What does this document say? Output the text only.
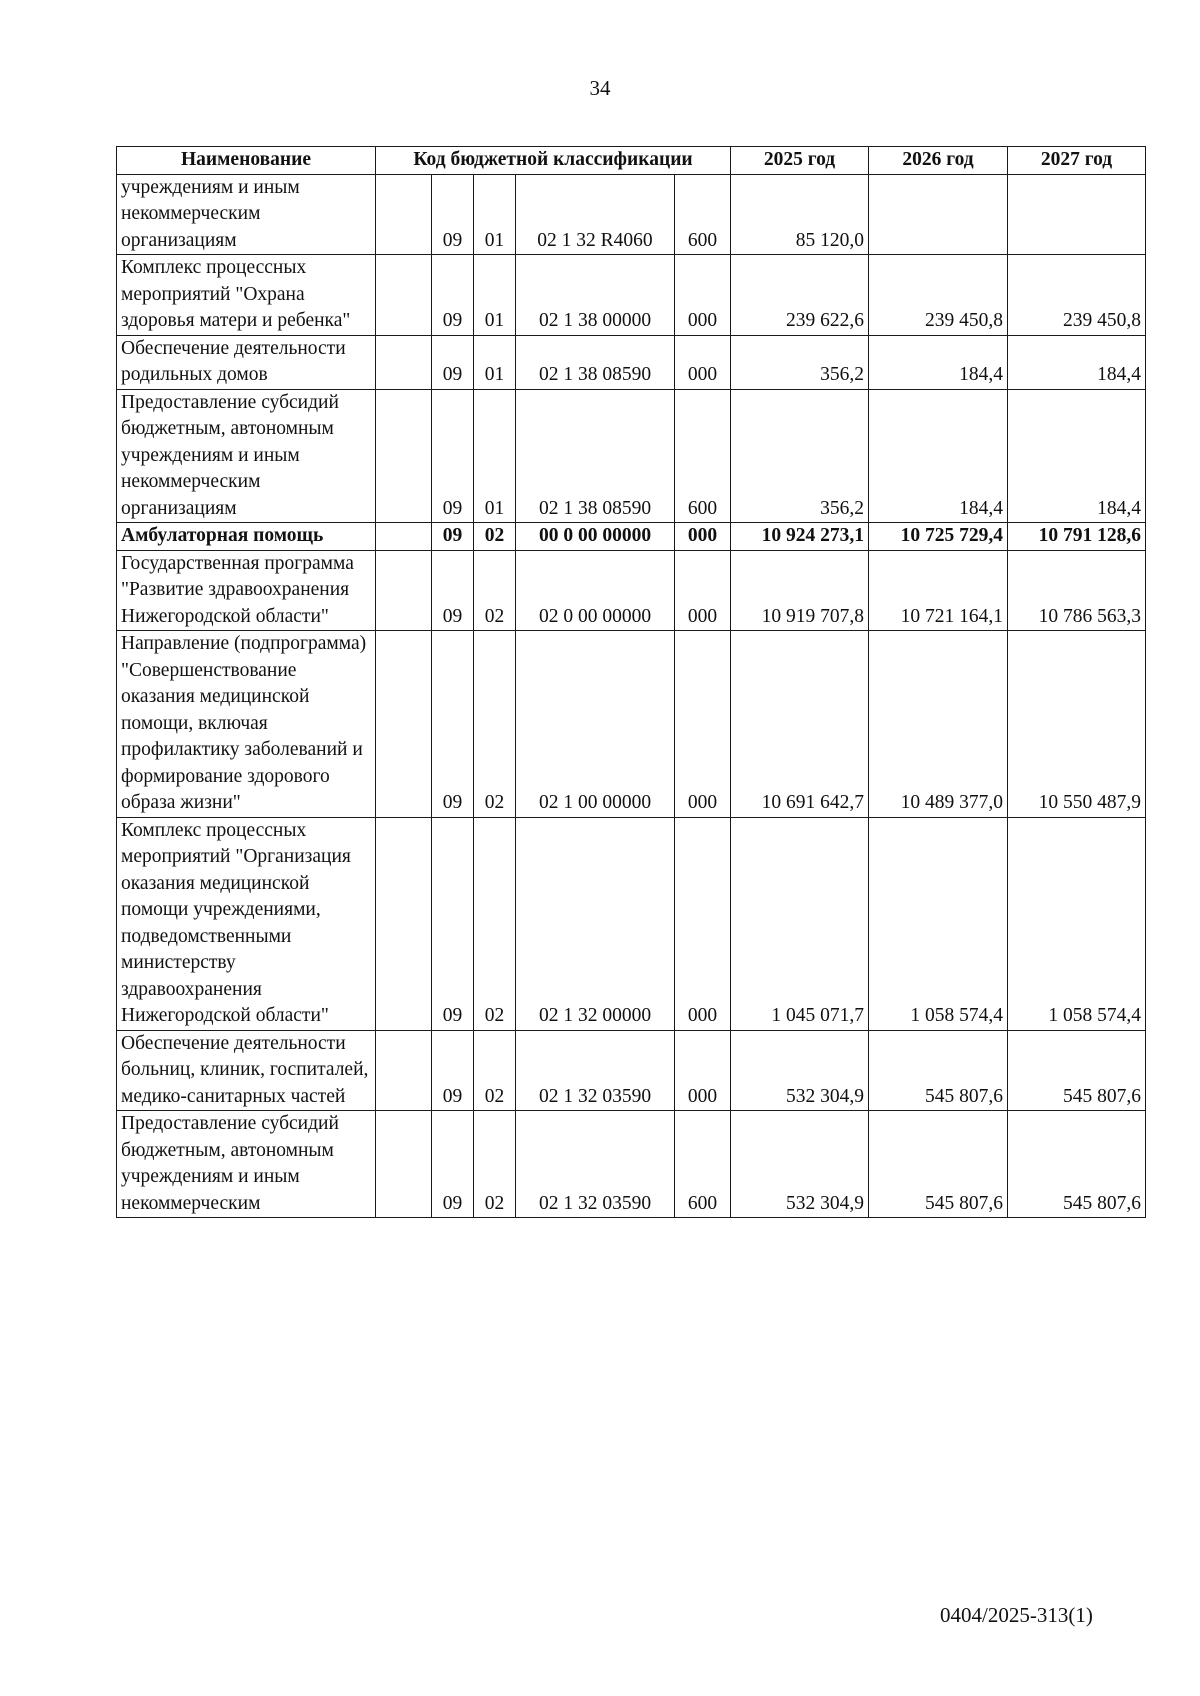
34
Наименование	Код бюджетной классификации					2025 год	2026 год	2027 год
учреждениям и иным некоммерческим организациям		09	01	02 1 32 R4060	600	85 120,0		
Комплекс процессных мероприятий "Охрана здоровья матери и ребенка"		09	01	02 1 38 00000	000	239 622,6	239 450,8	239 450,8
Обеспечение деятельности родильных домов		09	01	02 1 38 08590	000	356,2	184,4	184,4
Предоставление субсидий бюджетным, автономным учреждениям и иным некоммерческим организациям		09	01	02 1 38 08590	600	356,2	184,4	184,4
Амбулаторная помощь		09	02	00 0 00 00000	000	10 924 273,1	10 725 729,4	10 791 128,6
Государственная программа "Развитие здравоохранения Нижегородской области"		09	02	02 0 00 00000	000	10 919 707,8	10 721 164,1	10 786 563,3
Направление (подпрограмма) "Совершенствование оказания медицинской помощи, включая профилактику заболеваний и формирование здорового образа жизни"		09	02	02 1 00 00000	000	10 691 642,7	10 489 377,0	10 550 487,9
Комплекс процессных мероприятий "Организация оказания медицинской помощи учреждениями, подведомственными министерству здравоохранения Нижегородской области"		09	02	02 1 32 00000	000	1 045 071,7	1 058 574,4	1 058 574,4
Обеспечение деятельности больниц, клиник, госпиталей, медико-санитарных частей		09	02	02 1 32 03590	000	532 304,9	545 807,6	545 807,6
Предоставление субсидий бюджетным, автономным учреждениям и иным некоммерческим		09	02	02 1 32 03590	600	532 304,9	545 807,6	545 807,6
0404/2025-313(1)
